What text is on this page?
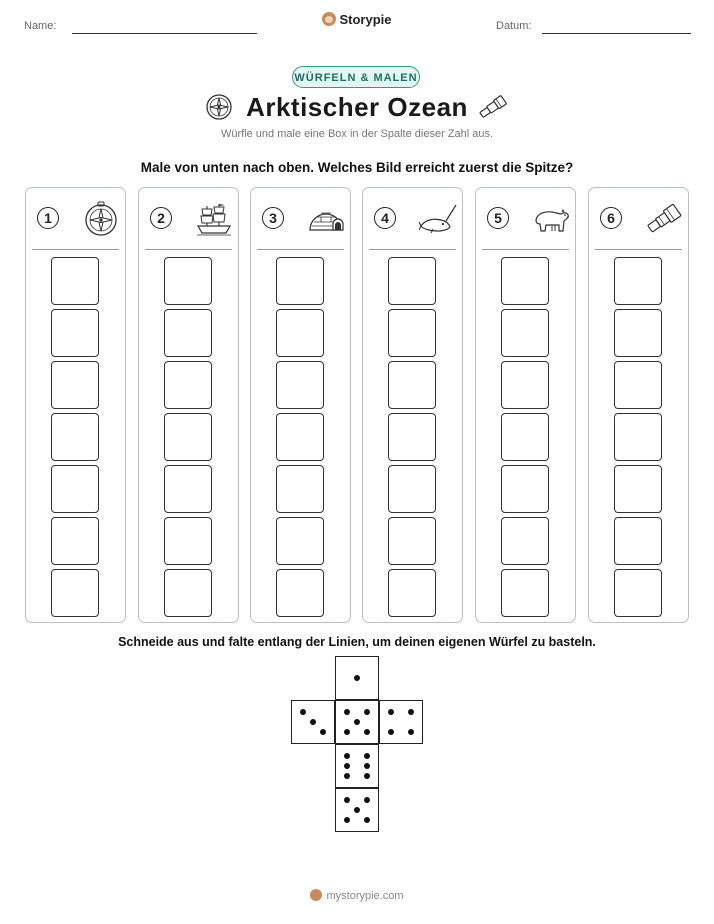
Name:	Storypie	Datum:
WÜRFELN & MALEN
Arktischer Ozean
Würfle und male eine Box in der Spalte dieser Zahl aus.
Male von unten nach oben. Welches Bild erreicht zuerst die Spitze?
1	2	3	4	5	6
Schneide aus und falte entlang der Linien, um deinen eigenen Würfel zu basteln.
mystorypie.com
